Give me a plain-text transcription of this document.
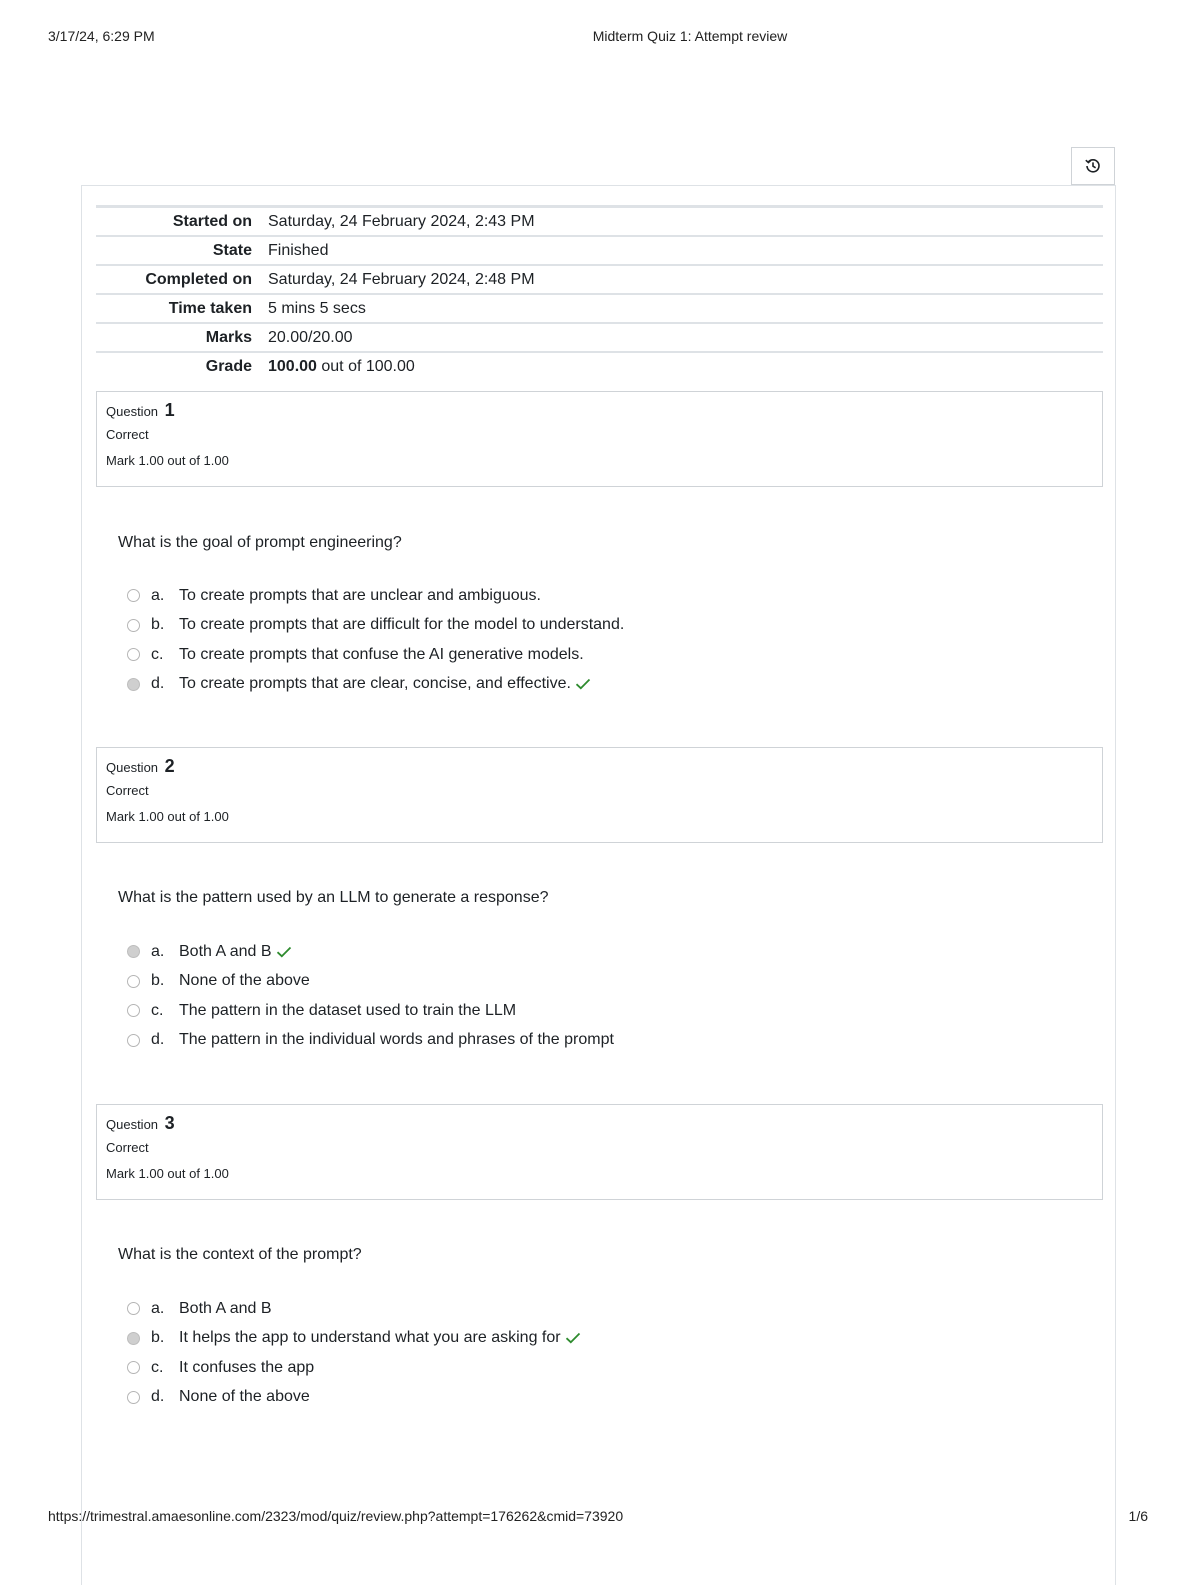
3/17/24, 6:29 PM	Midterm Quiz 1: Attempt review
Started on	Saturday, 24 February 2024, 2:43 PM
State	Finished
Completed on	Saturday, 24 February 2024, 2:48 PM
Time taken	5 mins 5 secs
Marks	20.00/20.00
Grade	100.00 out of 100.00
Question 1
Correct
Mark 1.00 out of 1.00
What is the goal of prompt engineering?
a. To create prompts that are unclear and ambiguous.
b. To create prompts that are difficult for the model to understand.
c. To create prompts that confuse the AI generative models.
d. To create prompts that are clear, concise, and effective.
Question 2
Correct
Mark 1.00 out of 1.00
What is the pattern used by an LLM to generate a response?
a. Both A and B
b. None of the above
c. The pattern in the dataset used to train the LLM
d. The pattern in the individual words and phrases of the prompt
Question 3
Correct
Mark 1.00 out of 1.00
What is the context of the prompt?
a. Both A and B
b. It helps the app to understand what you are asking for
c. It confuses the app
d. None of the above
https://trimestral.amaesonline.com/2323/mod/quiz/review.php?attempt=176262&cmid=73920	1/6
